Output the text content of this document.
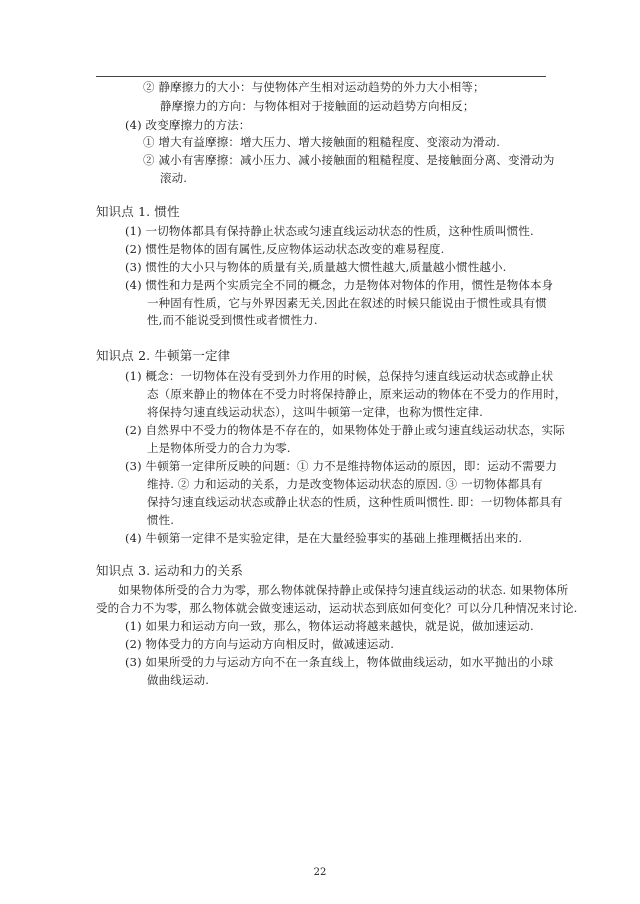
② 静摩擦力的大小：与使物体产生相对运动趋势的外力大小相等；
静摩擦力的方向：与物体相对于接触面的运动趋势方向相反；
(4) 改变摩擦力的方法：
① 增大有益摩擦：增大压力、增大接触面的粗糙程度、变滚动为滑动.
② 减小有害摩擦：减小压力、减小接触面的粗糙程度、是接触面分离、变滑动为
滚动.
知识点 1. 惯性
(1) 一切物体都具有保持静止状态或匀速直线运动状态的性质，这种性质叫惯性.
(2) 惯性是物体的固有属性,反应物体运动状态改变的难易程度.
(3) 惯性的大小只与物体的质量有关,质量越大惯性越大,质量越小惯性越小.
(4) 惯性和力是两个实质完全不同的概念，力是物体对物体的作用，惯性是物体本身
一种固有性质，它与外界因素无关,因此在叙述的时候只能说由于惯性或具有惯
性,而不能说受到惯性或者惯性力.
知识点 2. 牛顿第一定律
(1) 概念：一切物体在没有受到外力作用的时候，总保持匀速直线运动状态或静止状
态（原来静止的物体在不受力时将保持静止，原来运动的物体在不受力的作用时，
将保持匀速直线运动状态），这叫牛顿第一定律，也称为惯性定律.
(2) 自然界中不受力的物体是不存在的，如果物体处于静止或匀速直线运动状态，实际
上是物体所受力的合力为零.
(3) 牛顿第一定律所反映的问题：① 力不是维持物体运动的原因，即：运动不需要力
维持. ② 力和运动的关系，力是改变物体运动状态的原因. ③ 一切物体都具有
保持匀速直线运动状态或静止状态的性质，这种性质叫惯性. 即：一切物体都具有
惯性.
(4) 牛顿第一定律不是实验定律，是在大量经验事实的基础上推理概括出来的.
知识点 3. 运动和力的关系
如果物体所受的合力为零，那么物体就保持静止或保持匀速直线运动的状态. 如果物体所
受的合力不为零，那么物体就会做变速运动，运动状态到底如何变化？可以分几种情况来讨论.
(1) 如果力和运动方向一致，那么，物体运动将越来越快，就是说，做加速运动.
(2) 物体受力的方向与运动方向相反时，做减速运动.
(3) 如果所受的力与运动方向不在一条直线上，物体做曲线运动，如水平抛出的小球
做曲线运动.
22
